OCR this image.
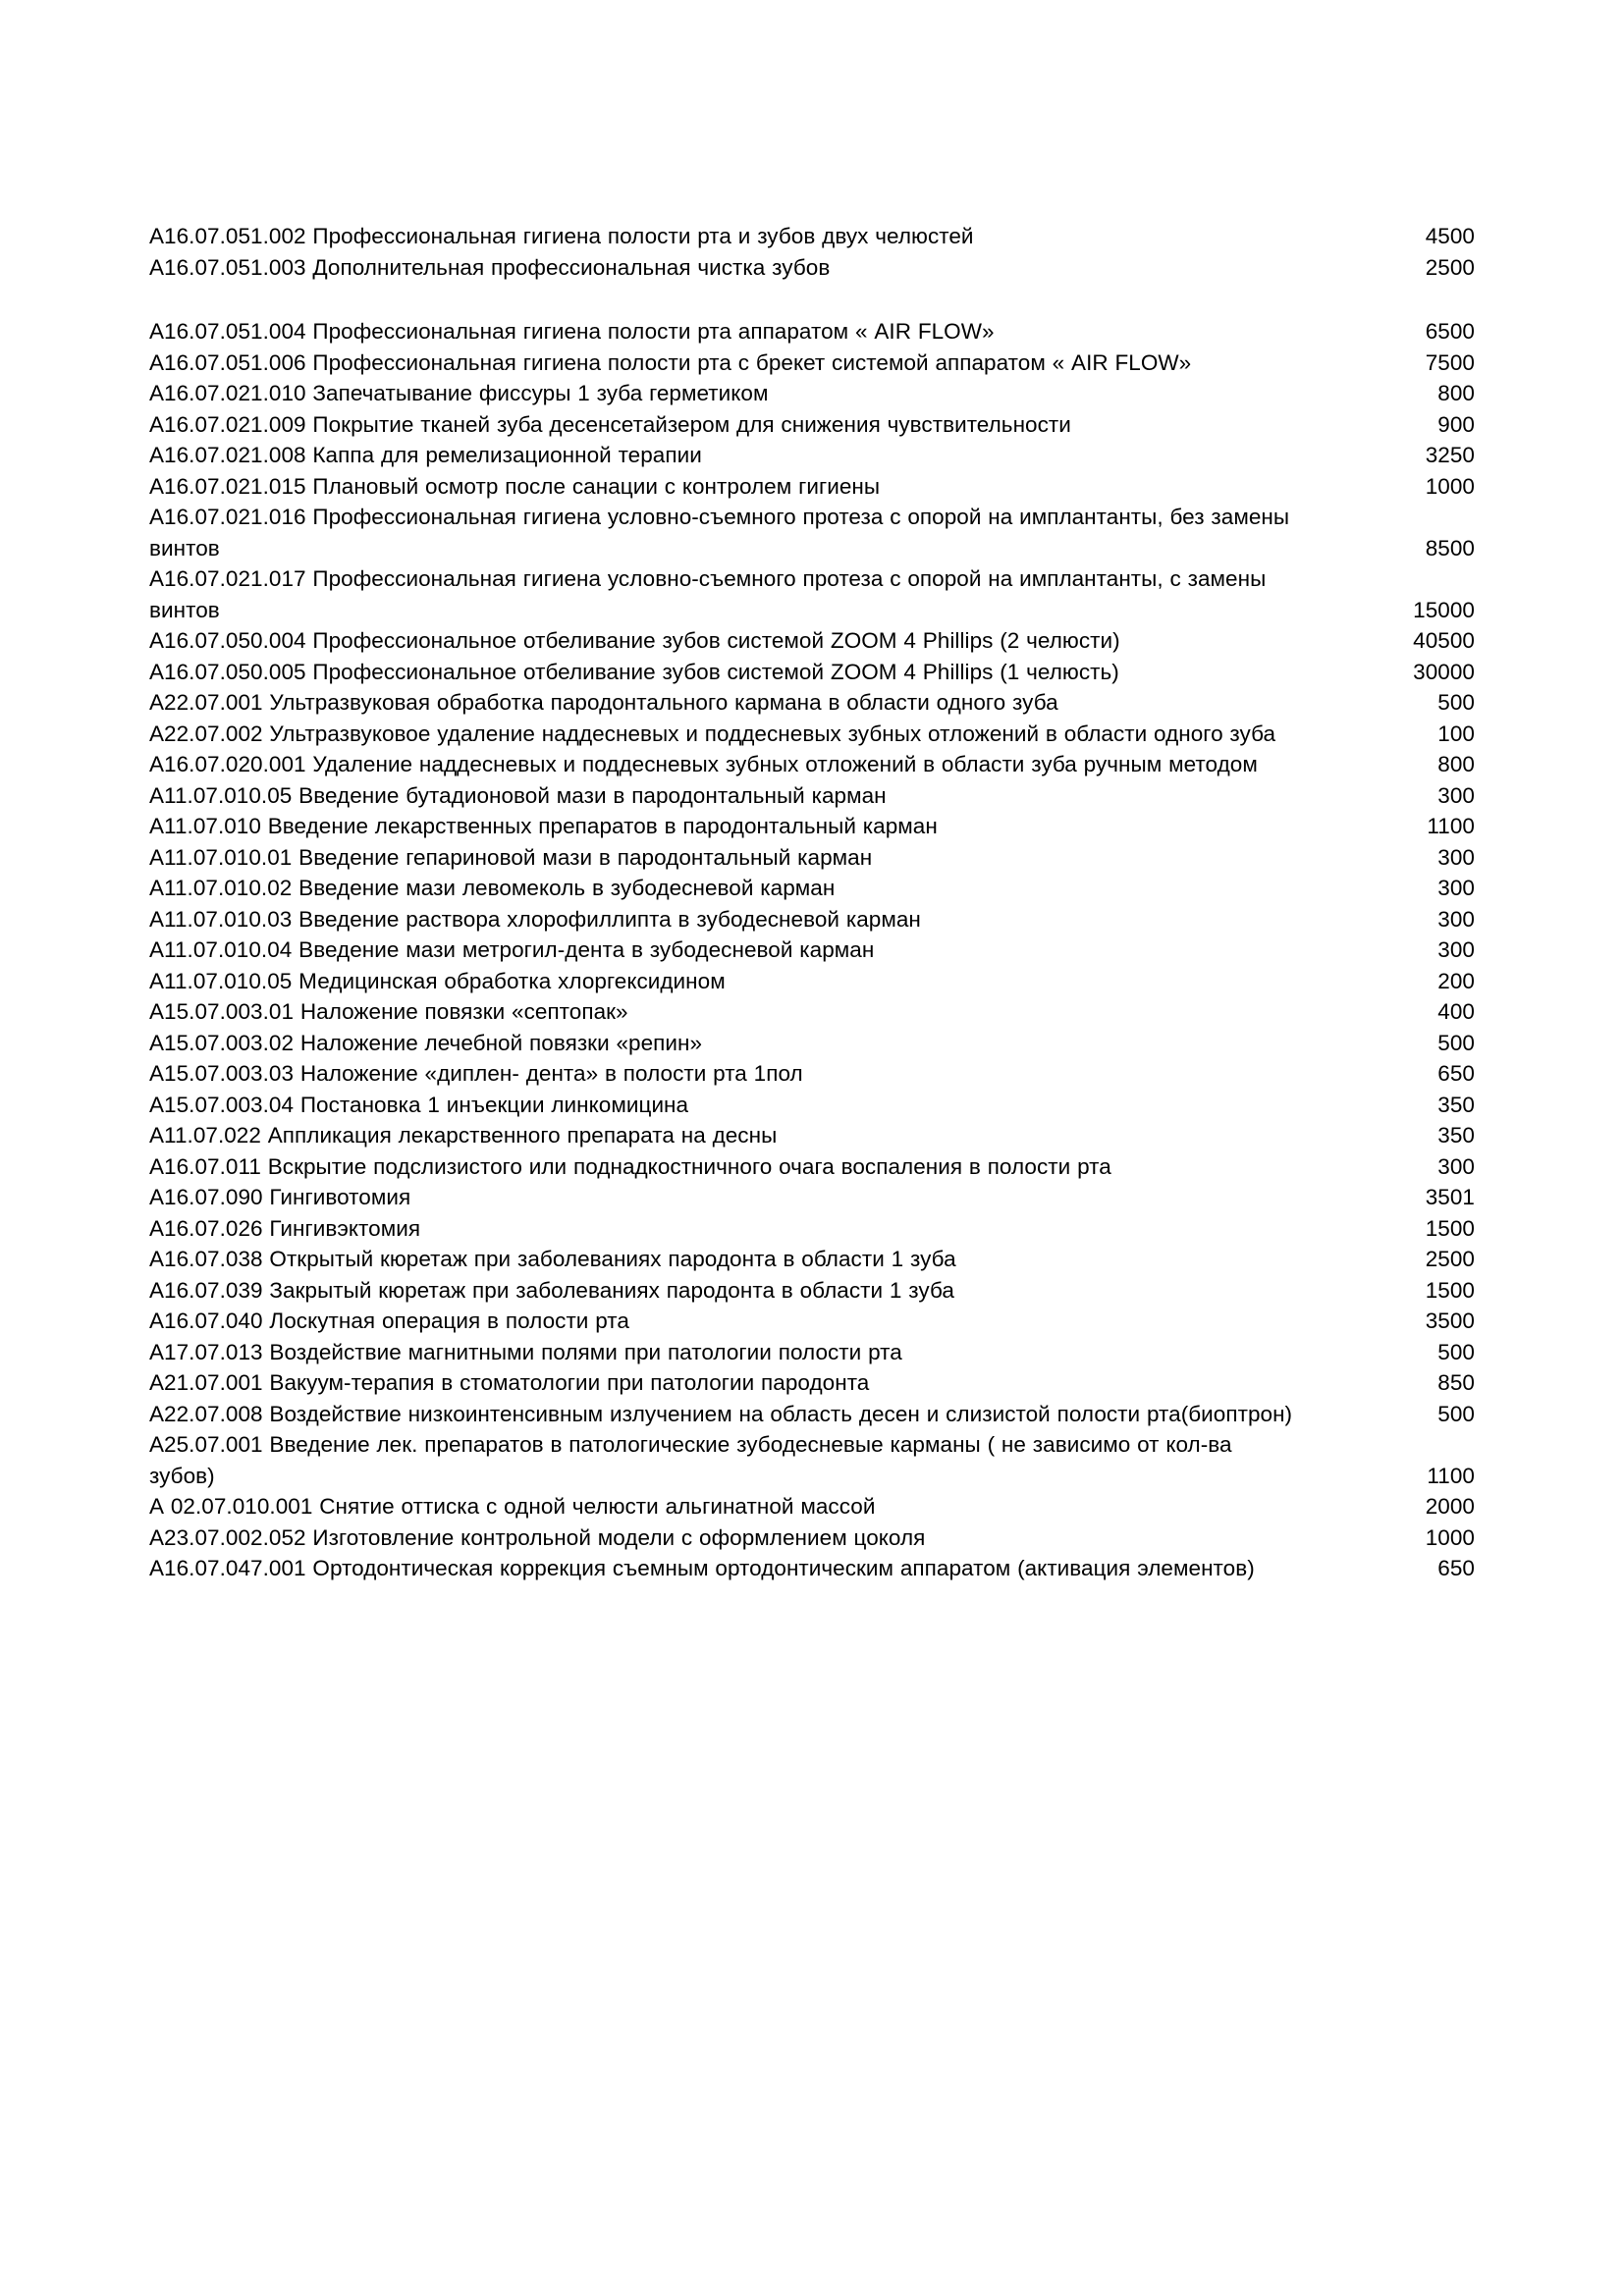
А16.07.051.002 Профессиональная гигиена полости рта и зубов двух челюстей	4500
А16.07.051.003 Дополнительная профессиональная чистка зубов	2500

А16.07.051.004 Профессиональная гигиена полости рта аппаратом « AIR FLOW»	6500
А16.07.051.006 Профессиональная гигиена полости рта с брекет системой аппаратом « AIR FLOW»	7500
А16.07.021.010 Запечатывание фиссуры 1 зуба герметиком	800
А16.07.021.009 Покрытие тканей зуба десенсетайзером для снижения чувствительности	900
А16.07.021.008 Каппа для ремелизационной терапии	3250
А16.07.021.015 Плановый осмотр после санации с контролем гигиены	1000
А16.07.021.016 Профессиональная гигиена условно-съемного протеза с опорой на имплантанты, без замены винтов	8500
А16.07.021.017 Профессиональная гигиена условно-съемного протеза с опорой на имплантанты, с замены винтов	15000
А16.07.050.004 Профессиональное отбеливание зубов системой ZOOM 4 Phillips (2 челюсти)	40500
А16.07.050.005 Профессиональное отбеливание зубов системой ZOOM 4 Phillips (1 челюсть)	30000
А22.07.001 Ультразвуковая обработка пародонтального кармана в области одного зуба	500
А22.07.002 Ультразвуковое удаление наддесневых и поддесневых зубных отложений в области одного зуба	100
А16.07.020.001 Удаление наддесневых и поддесневых зубных отложений в области зуба ручным методом	800
А11.07.010.05 Введение бутадионовой мази в пародонтальный карман	300
А11.07.010 Введение лекарственных препаратов в пародонтальный карман	1100
А11.07.010.01 Введение гепариновой мази в пародонтальный карман	300
А11.07.010.02 Введение мази левомеколь в зубодесневой карман	300
А11.07.010.03 Введение раствора хлорофиллипта в зубодесневой карман	300
А11.07.010.04 Введение мази метрогил-дента в зубодесневой карман	300
А11.07.010.05 Медицинская обработка хлоргексидином	200
А15.07.003.01 Наложение повязки «септопак»	400
А15.07.003.02 Наложение лечебной повязки «репин»	500
А15.07.003.03 Наложение «диплен- дента» в полости рта 1пол	650
А15.07.003.04 Постановка 1 инъекции линкомицина	350
А11.07.022 Аппликация лекарственного препарата на десны	350
А16.07.011 Вскрытие подслизистого или поднадкостничного очага воспаления в полости рта	300
А16.07.090 Гингивотомия	3501
А16.07.026 Гингивэктомия	1500
А16.07.038 Открытый кюретаж при заболеваниях пародонта в области 1 зуба	2500
А16.07.039 Закрытый кюретаж при заболеваниях пародонта в области 1 зуба	1500
А16.07.040 Лоскутная операция в полости рта	3500
А17.07.013 Воздействие магнитными полями при патологии полости рта	500
А21.07.001 Вакуум-терапия в стоматологии при патологии пародонта	850
А22.07.008 Воздействие низкоинтенсивным излучением на область десен и слизистой полости рта(биоптрон)	500
А25.07.001 Введение лек. препаратов в патологические зубодесневые карманы ( не зависимо от кол-ва зубов)	1100
А 02.07.010.001 Снятие оттиска с одной челюсти альгинатной массой	2000
А23.07.002.052 Изготовление контрольной модели с оформлением цоколя	1000
А16.07.047.001 Ортодонтическая коррекция съемным ортодонтическим аппаратом (активация элементов)	650
